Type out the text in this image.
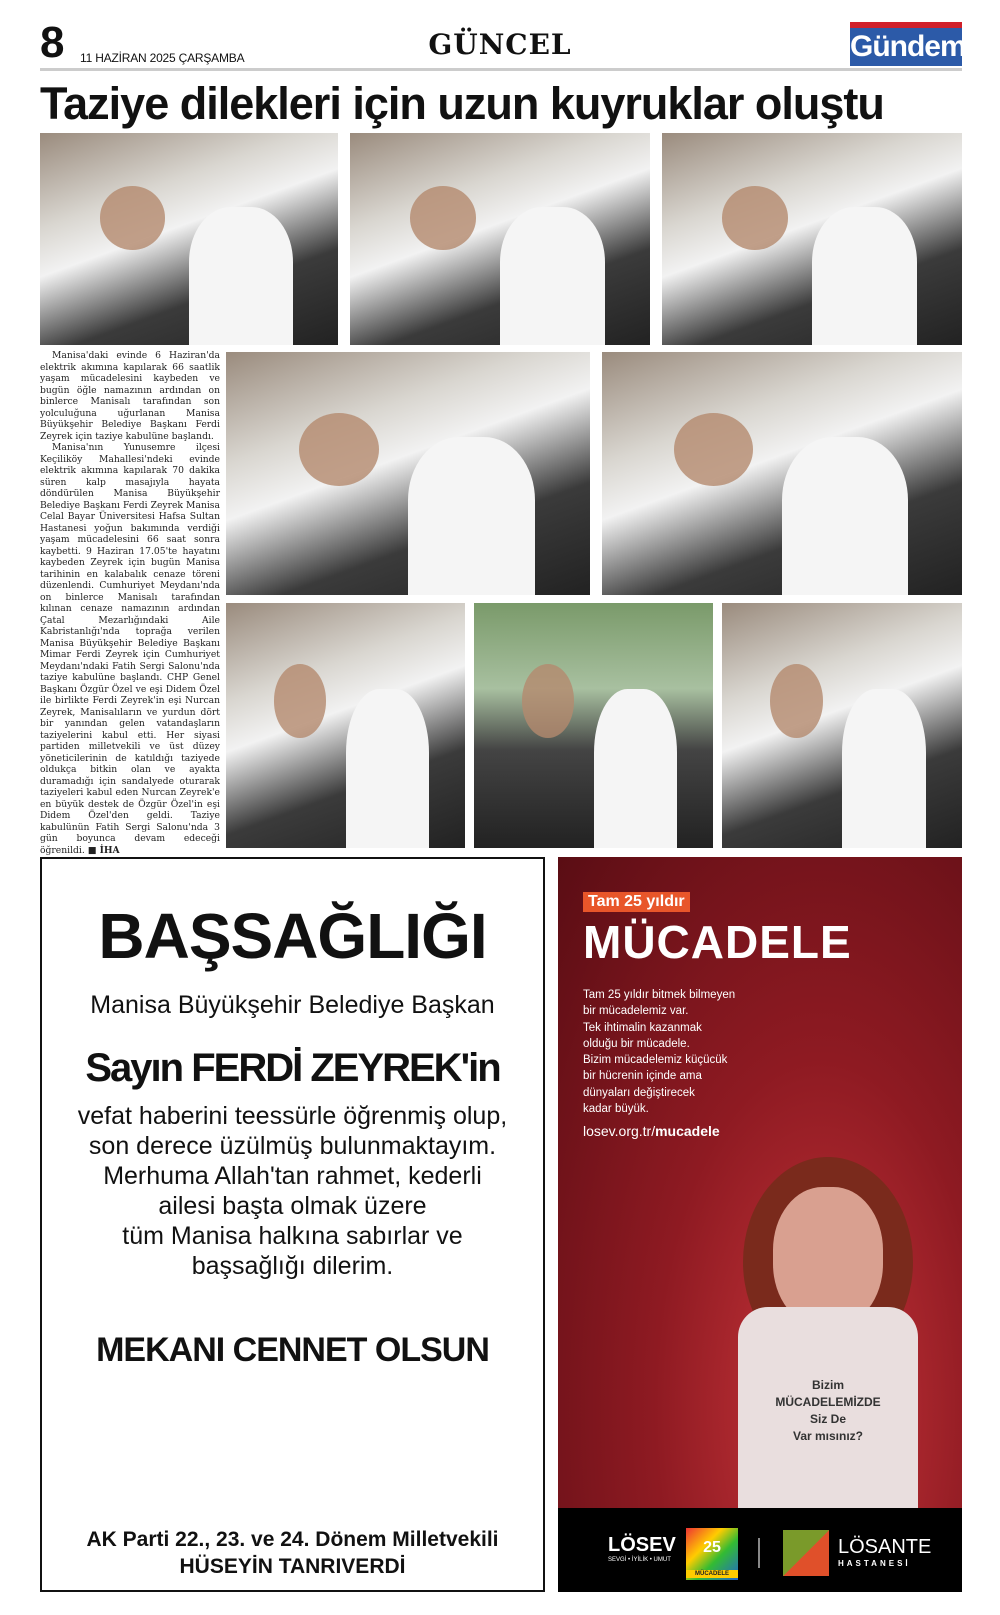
8 11 HAZİRAN 2025 ÇARŞAMBA	GÜNCEL	Gündem
Taziye dilekleri için uzun kuyruklar oluştu

Manisa'daki evinde 6 Haziran'da elektrik akımına kapılarak 66 saatlik yaşam mücadelesini kaybeden ve bugün öğle namazının ardından on binlerce Manisalı tarafından son yolculuğuna uğurlanan Manisa Büyükşehir Belediye Başkanı Ferdi Zeyrek için taziye kabulüne başlandı.

Manisa'nın Yunusemre ilçesi Keçiliköy Mahallesi'ndeki evinde elektrik akımına kapılarak 70 dakika süren kalp masajıyla hayata döndürülen Manisa Büyükşehir Belediye Başkanı Ferdi Zeyrek Manisa Celal Bayar Üniversitesi Hafsa Sultan Hastanesi yoğun bakımında verdiği yaşam mücadelesini 66 saat sonra kaybetti. 9 Haziran 17.05'te hayatını kaybeden Zeyrek için bugün Manisa tarihinin en kalabalık cenaze töreni düzenlendi. Cumhuriyet Meydanı'nda on binlerce Manisalı tarafından kılınan cenaze namazının ardından Çatal Mezarlığındaki Aile Kabristanlığı'nda toprağa verilen Manisa Büyükşehir Belediye Başkanı Mimar Ferdi Zeyrek için Cumhuriyet Meydanı'ndaki Fatih Sergi Salonu'nda taziye kabulüne başlandı. CHP Genel Başkanı Özgür Özel ve eşi Didem Özel ile birlikte Ferdi Zeyrek'in eşi Nurcan Zeyrek, Manisalıların ve yurdun dört bir yanından gelen vatandaşların taziyelerini kabul etti. Her siyasi partiden milletvekili ve üst düzey yöneticilerinin de katıldığı taziyede oldukça bitkin olan ve ayakta duramadığı için sandalyede oturarak taziyeleri kabul eden Nurcan Zeyrek'e en büyük destek de Özgür Özel'in eşi Didem Özel'den geldi. Taziye kabulünün Fatih Sergi Salonu'nda 3 gün boyunca devam edeceği öğrenildi. ■ İHA

BAŞSAĞLIĞI
Manisa Büyükşehir Belediye Başkan
Sayın FERDİ ZEYREK'in
vefat haberini teessürle öğrenmiş olup,
son derece üzülmüş bulunmaktayım.
Merhuma Allah'tan rahmet, kederli
ailesi başta olmak üzere
tüm Manisa halkına sabırlar ve
başsağlığı dilerim.
MEKANI CENNET OLSUN
AK Parti 22., 23. ve 24. Dönem Milletvekili
HÜSEYİN TANRIVERDİ
Tam 25 yıldır
MÜCADELE
Bizim
MÜCADELEMİZDE
Siz De
Var mısınız?
Tam 25 yıldır bitmek bilmeyen
bir mücadelemiz var.
Tek ihtimalin kazanmak
olduğu bir mücadele.
Bizim mücadelemiz küçücük
bir hücrenin içinde ama
dünyaları değiştirecek
kadar büyük.
losev.org.tr/mucadele
LÖSEV
SEVGİ • İYİLİK • UMUT
25
MÜCADELE
LÖSANTE
HASTANESİ
